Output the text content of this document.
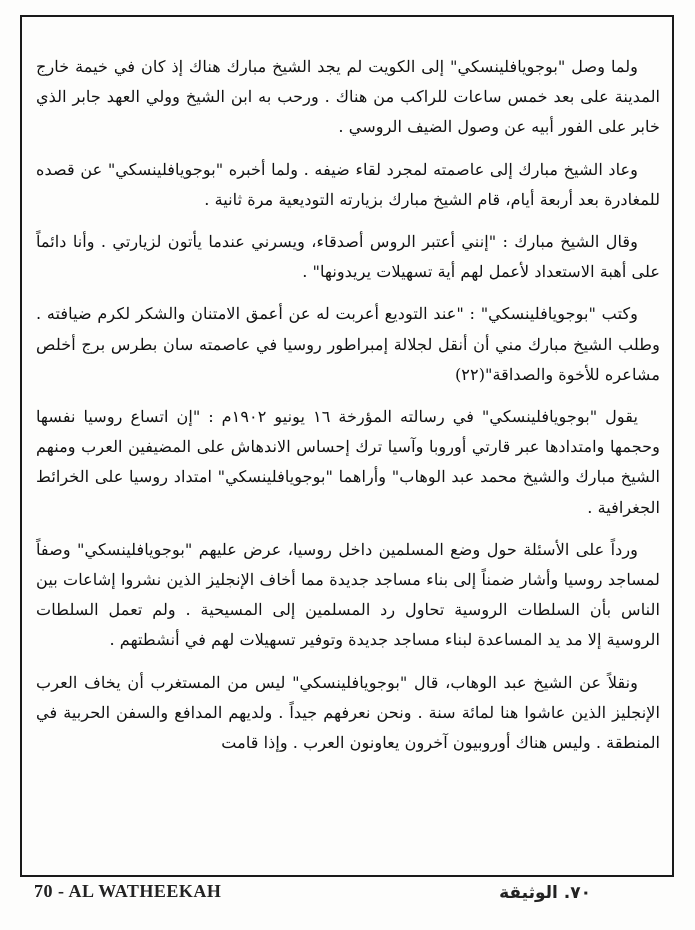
ولما وصل "بوجويافلينسكي" إلى الكويت لم يجد الشيخ مبارك هناك إذ كان في خيمة خارج المدينة على بعد خمس ساعات للراكب من هناك . ورحب به ابن الشيخ وولي العهد جابر الذي خابر على الفور أبيه عن وصول الضيف الروسي .

وعاد الشيخ مبارك إلى عاصمته لمجرد لقاء ضيفه . ولما أخبره "بوجويافلينسكي" عن قصده للمغادرة بعد أربعة أيام، قام الشيخ مبارك بزيارته التوديعية مرة ثانية .

وقال الشيخ مبارك : "إنني أعتبر الروس أصدقاء، ويسرني عندما يأتون لزيارتي . وأنا دائماً على أهبة الاستعداد لأعمل لهم أية تسهيلات يريدونها" .

وكتب "بوجويافلينسكي" : "عند التوديع أعربت له عن أعمق الامتنان والشكر لكرم ضيافته . وطلب الشيخ مبارك مني أن أنقل لجلالة إمبراطور روسيا في عاصمته سان بطرس برج أخلص مشاعره للأخوة والصداقة"(٢٢)

يقول "بوجويافلينسكي" في رسالته المؤرخة ١٦ يونيو ١٩٠٢م : "إن اتساع روسيا نفسها وحجمها وامتدادها عبر قارتي أوروبا وآسيا ترك إحساس الاندهاش على المضيفين العرب ومنهم الشيخ مبارك والشيخ محمد عبد الوهاب" وأراهما "بوجويافلينسكي" امتداد روسيا على الخرائط الجغرافية .

ورداً على الأسئلة حول وضع المسلمين داخل روسيا، عرض عليهم "بوجويافلينسكي" وصفاً لمساجد روسيا وأشار ضمناً إلى بناء مساجد جديدة مما أخاف الإنجليز الذين نشروا إشاعات بين الناس بأن السلطات الروسية تحاول رد المسلمين إلى المسيحية . ولم تعمل السلطات الروسية إلا مد يد المساعدة لبناء مساجد جديدة وتوفير تسهيلات لهم في أنشطتهم .

ونقلاً عن الشيخ عبد الوهاب، قال "بوجويافلينسكي" ليس من المستغرب أن يخاف العرب الإنجليز الذين عاشوا هنا لمائة سنة . ونحن نعرفهم جيداً . ولديهم المدافع والسفن الحربية في المنطقة . وليس هناك أوروبيون آخرون يعاونون العرب . وإذا قامت

70 - AL WATHEEKAH	٧٠. الوثيقة
